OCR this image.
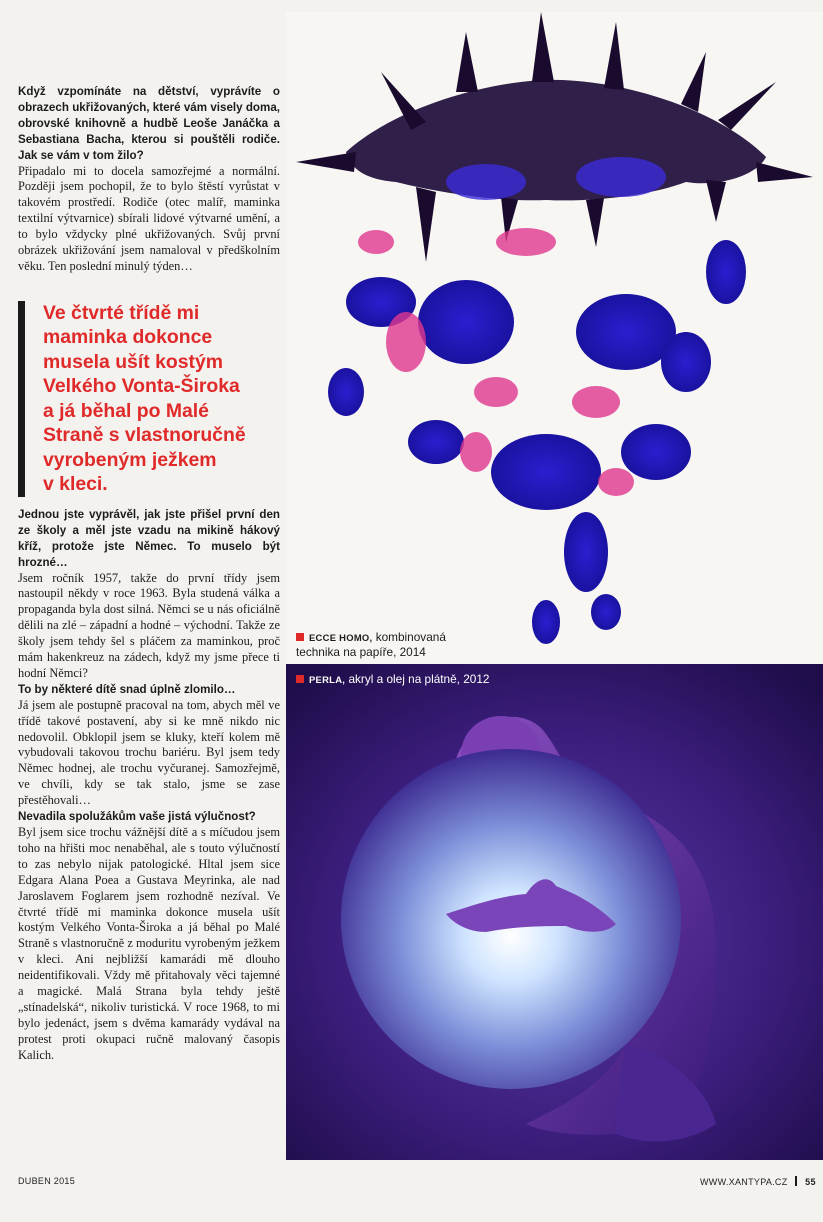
Když vzpomínáte na dětství, vyprávíte o obrazech ukřižovaných, které vám visely doma, obrovské knihovně a hudbě Leoše Janáčka a Sebastiana Bacha, kterou si pouštěli rodiče. Jak se vám v tom žilo?

Připadalo mi to docela samozřejmé a normální. Později jsem pochopil, že to bylo štěstí vyrůstat v takovém prostředí. Rodiče (otec malíř, maminka textilní výtvarnice) sbírali lidové výtvarné umění, a to bylo vždycky plné ukřižovaných. Svůj první obrázek ukřižování jsem namaloval v předškolním věku. Ten poslední minulý týden…

Ve čtvrté třídě mi
maminka dokonce
musela ušít kostým
Velkého Vonta-Široka
a já běhal po Malé
Straně s vlastnoručně
vyrobeným ježkem
v kleci.

Jednou jste vyprávěl, jak jste přišel první den ze školy a měl jste vzadu na mikině hákový kříž, protože jste Němec. To muselo být hrozné…

Jsem ročník 1957, takže do první třídy jsem nastoupil někdy v roce 1963. Byla studená válka a propaganda byla dost silná. Němci se u nás oficiálně dělili na zlé – západní a hodné – východní. Takže ze školy jsem tehdy šel s pláčem za maminkou, proč mám hakenkreuz na zádech, když my jsme přece ti hodní Němci?

To by některé dítě snad úplně zlomilo…

Já jsem ale postupně pracoval na tom, abych měl ve třídě takové postavení, aby si ke mně nikdo nic nedovolil. Obklopil jsem se kluky, kteří kolem mě vybudovali takovou trochu bariéru. Byl jsem tedy Němec hodnej, ale trochu vyčuranej. Samozřejmě, ve chvíli, kdy se tak stalo, jsme se zase přestěhovali…

Nevadila spolužákům vaše jistá výlučnost?

Byl jsem sice trochu vážnější dítě a s míčudou jsem toho na hřišti moc nenaběhal, ale s touto výlučností to zas nebylo nijak patologické. Hltal jsem sice Edgara Alana Poea a Gustava Meyrinka, ale nad Jaroslavem Foglarem jsem rozhodně nezíval. Ve čtvrté třídě mi maminka dokonce musela ušít kostým Velkého Vonta-Široka a já běhal po Malé Straně s vlastnoručně z moduritu vyrobeným ježkem v kleci. Ani nejbližší kamarádi mě dlouho neidentifikovali. Vždy mě přitahovaly věci tajemné a magické. Malá Strana byla tehdy ještě „stínadelská“, nikoliv turistická. V roce 1968, to mi bylo jedenáct, jsem s dvěma kamarády vydával na protest proti okupaci ručně malovaný časopis Kalich.

ECCE HOMO, kombinovaná
technika na papíře, 2014
PERLA, akryl a olej na plátně, 2012
DUBEN 2015	WWW.XANTYPA.CZ 55
